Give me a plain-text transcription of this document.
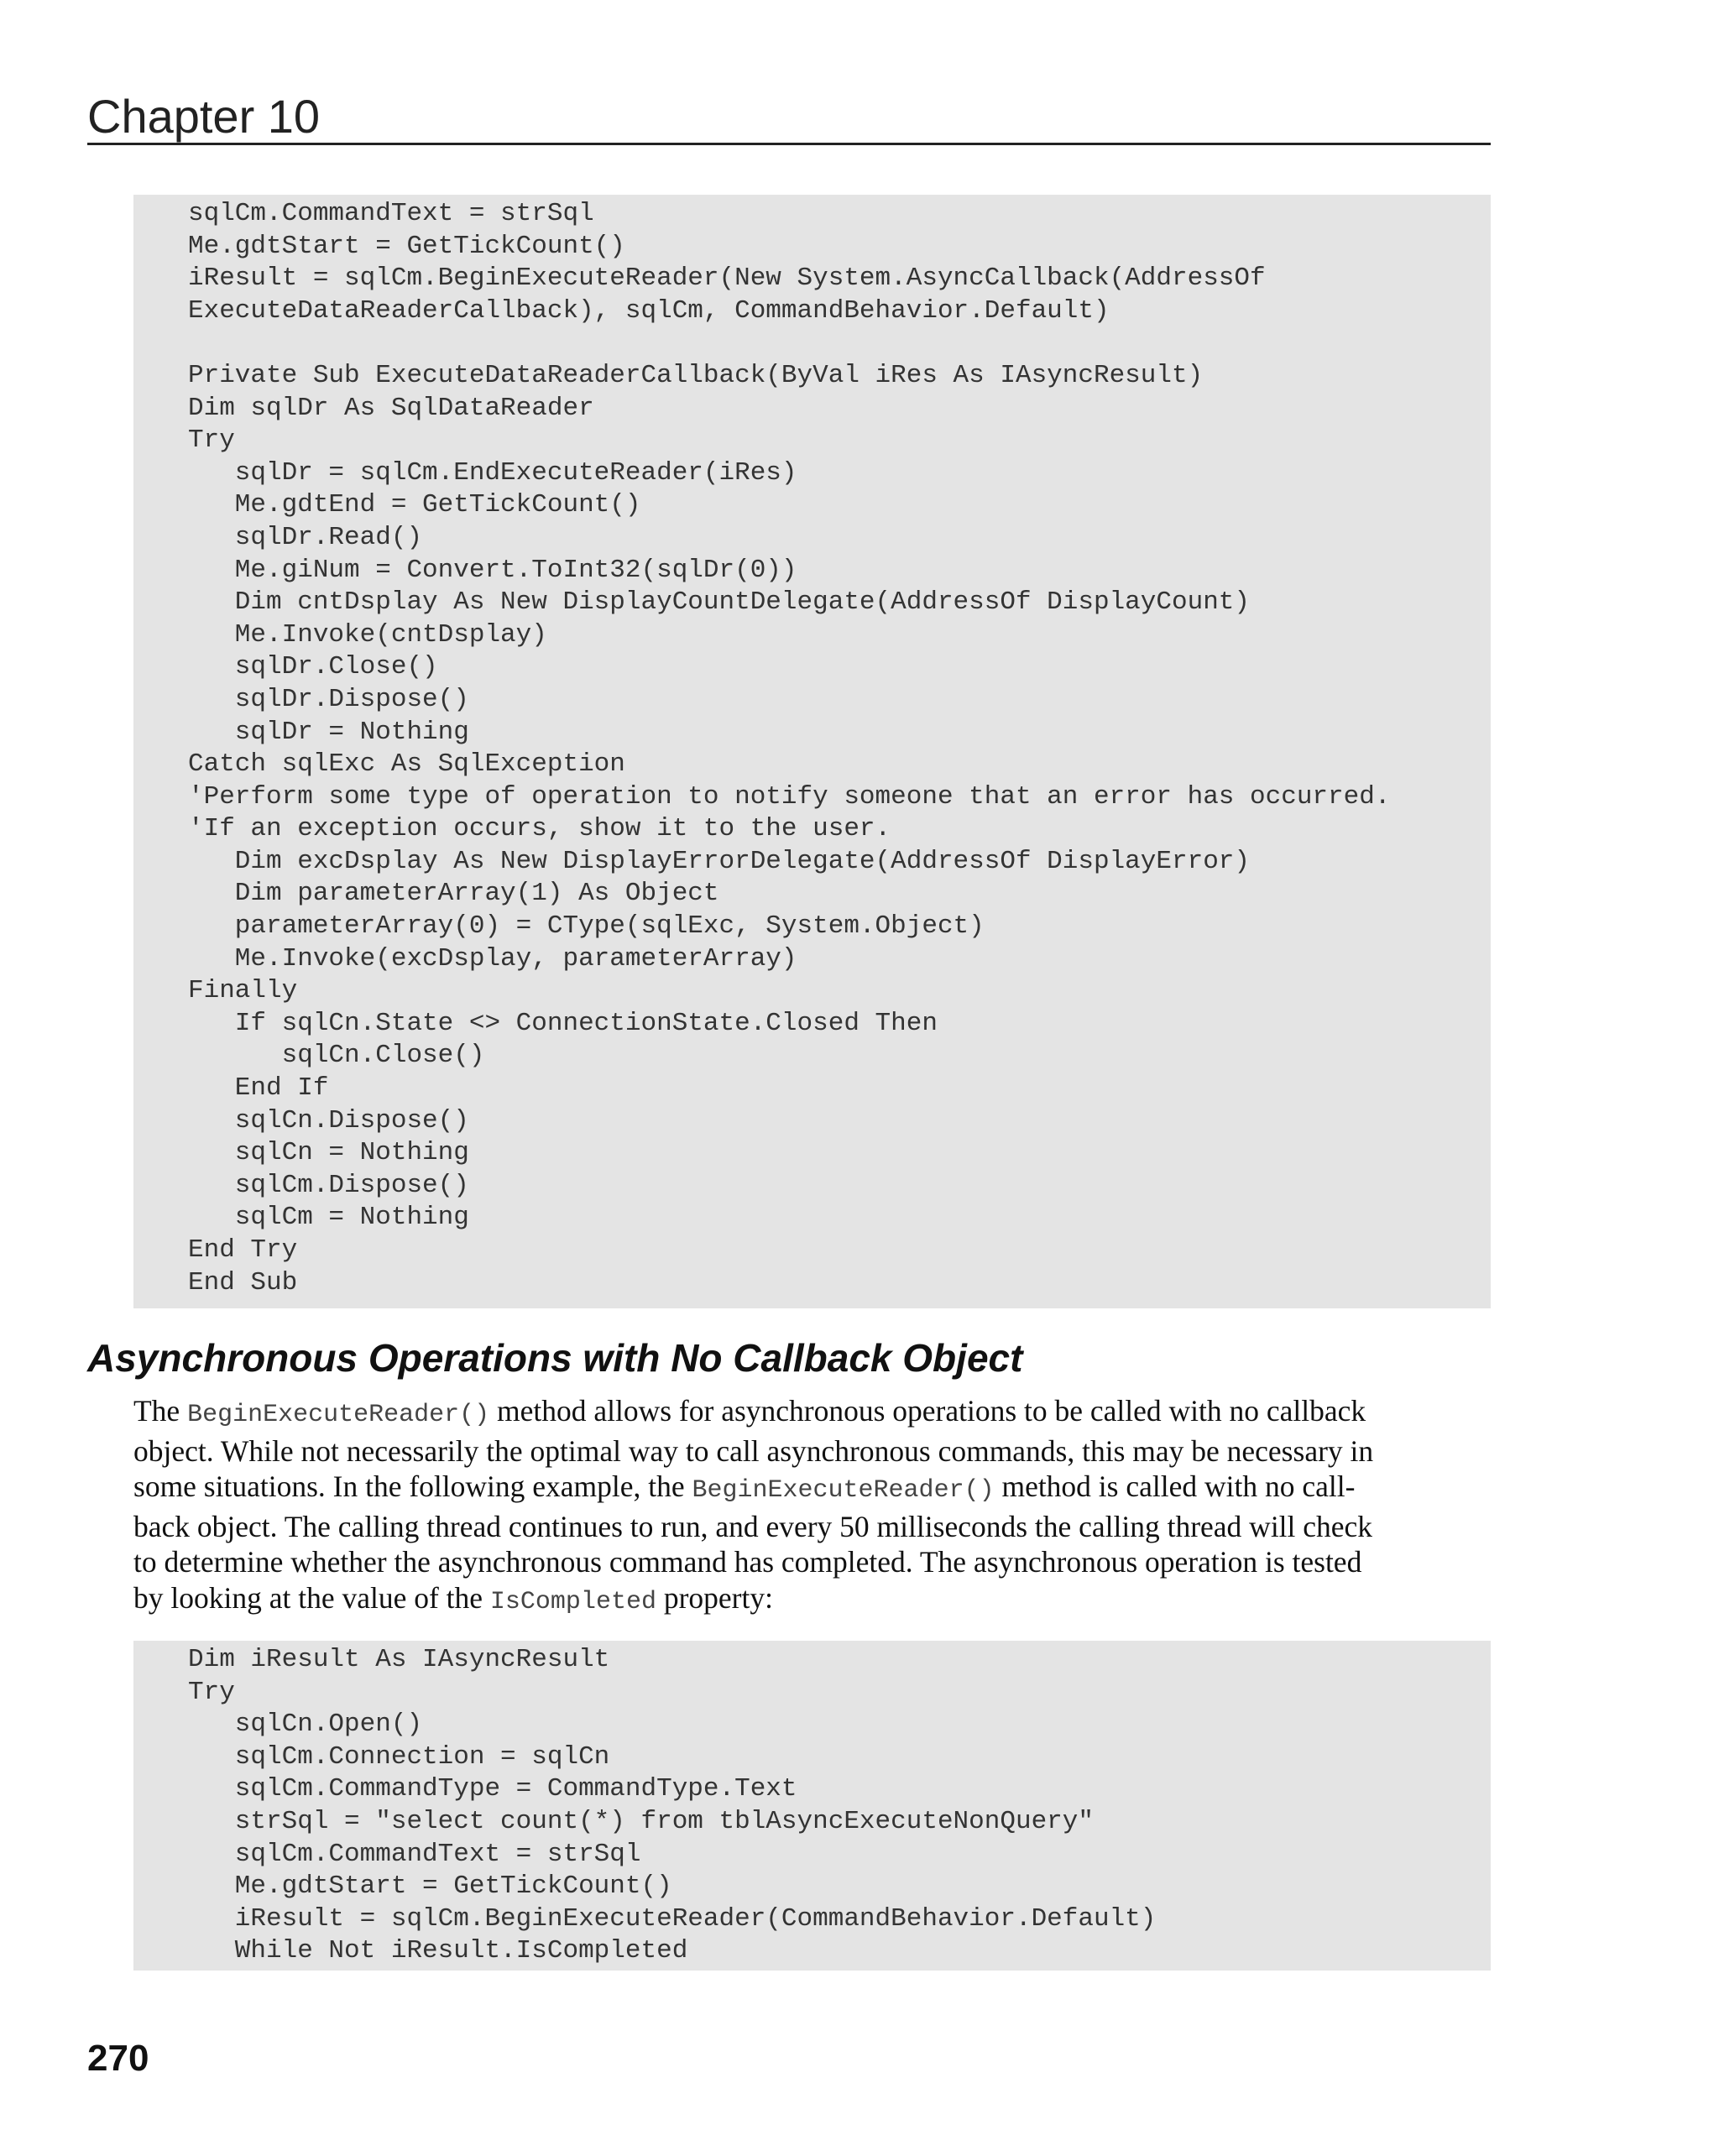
Chapter 10
sqlCm.CommandText = strSql
Me.gdtStart = GetTickCount()
iResult = sqlCm.BeginExecuteReader(New System.AsyncCallback(AddressOf
ExecuteDataReaderCallback), sqlCm, CommandBehavior.Default)
Private Sub ExecuteDataReaderCallback(ByVal iRes As IAsyncResult)
Dim sqlDr As SqlDataReader
Try
sqlDr = sqlCm.EndExecuteReader(iRes)
Me.gdtEnd = GetTickCount()
sqlDr.Read()
Me.giNum = Convert.ToInt32(sqlDr(0))
Dim cntDsplay As New DisplayCountDelegate(AddressOf DisplayCount)
Me.Invoke(cntDsplay)
sqlDr.Close()
sqlDr.Dispose()
sqlDr = Nothing
Catch sqlExc As SqlException
'Perform some type of operation to notify someone that an error has occurred.
'If an exception occurs, show it to the user.
Dim excDsplay As New DisplayErrorDelegate(AddressOf DisplayError)
Dim parameterArray(1) As Object
parameterArray(0) = CType(sqlExc, System.Object)
Me.Invoke(excDsplay, parameterArray)
Finally
If sqlCn.State <> ConnectionState.Closed Then
sqlCn.Close()
End If
sqlCn.Dispose()
sqlCn = Nothing
sqlCm.Dispose()
sqlCm = Nothing
End Try
End Sub
Asynchronous Operations with No Callback Object

The BeginExecuteReader() method allows for asynchronous operations to be called with no callback
object. While not necessarily the optimal way to call asynchronous commands, this may be necessary in
some situations. In the following example, the BeginExecuteReader() method is called with no call-
back object. The calling thread continues to run, and every 50 milliseconds the calling thread will check
to determine whether the asynchronous command has completed. The asynchronous operation is tested
by looking at the value of the IsCompleted property:

Dim iResult As IAsyncResult
Try
sqlCn.Open()
sqlCm.Connection = sqlCn
sqlCm.CommandType = CommandType.Text
strSql = "select count(*) from tblAsyncExecuteNonQuery"
sqlCm.CommandText = strSql
Me.gdtStart = GetTickCount()
iResult = sqlCm.BeginExecuteReader(CommandBehavior.Default)
While Not iResult.IsCompleted
270
